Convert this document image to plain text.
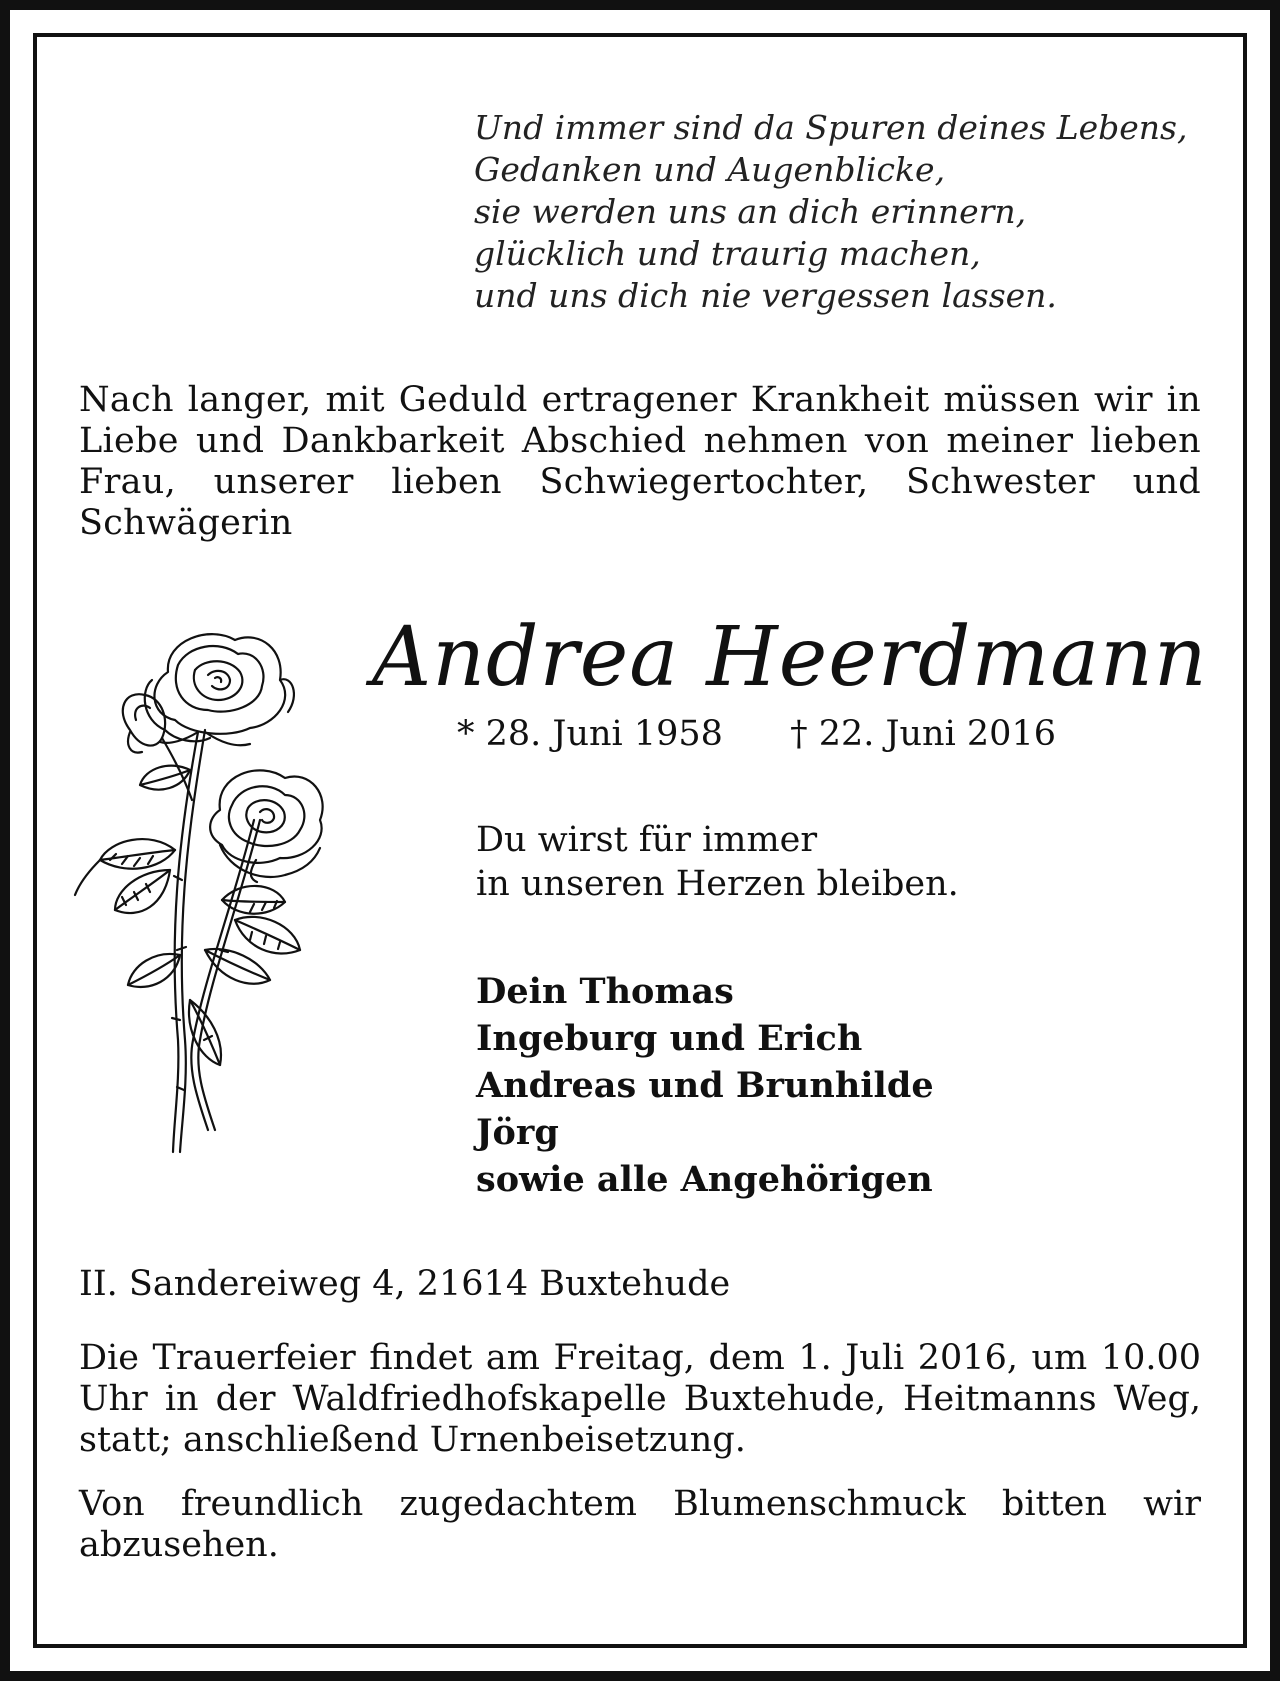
Und immer sind da Spuren deines Lebens,
Gedanken und Augenblicke,
sie werden uns an dich erinnern,
glücklich und traurig machen,
und uns dich nie vergessen lassen.
Nach langer, mit Geduld ertragener Krankheit müssen wir in Liebe und Dankbarkeit Abschied nehmen von meiner lieben Frau, unserer lieben Schwiegertochter, Schwester und Schwägerin
Andrea Heerdmann
* 28. Juni 1958 † 22. Juni 2016
Du wirst für immer
in unseren Herzen bleiben.
Dein Thomas
Ingeburg und Erich
Andreas und Brunhilde
Jörg
sowie alle Angehörigen
II. Sandereiweg 4, 21614 Buxtehude
Die Trauerfeier findet am Freitag, dem 1. Juli 2016, um 10.00 Uhr in der Waldfriedhofskapelle Buxtehude, Heitmanns Weg, statt; anschließend Urnenbeisetzung.
Von freundlich zugedachtem Blumenschmuck bitten wir abzusehen.
